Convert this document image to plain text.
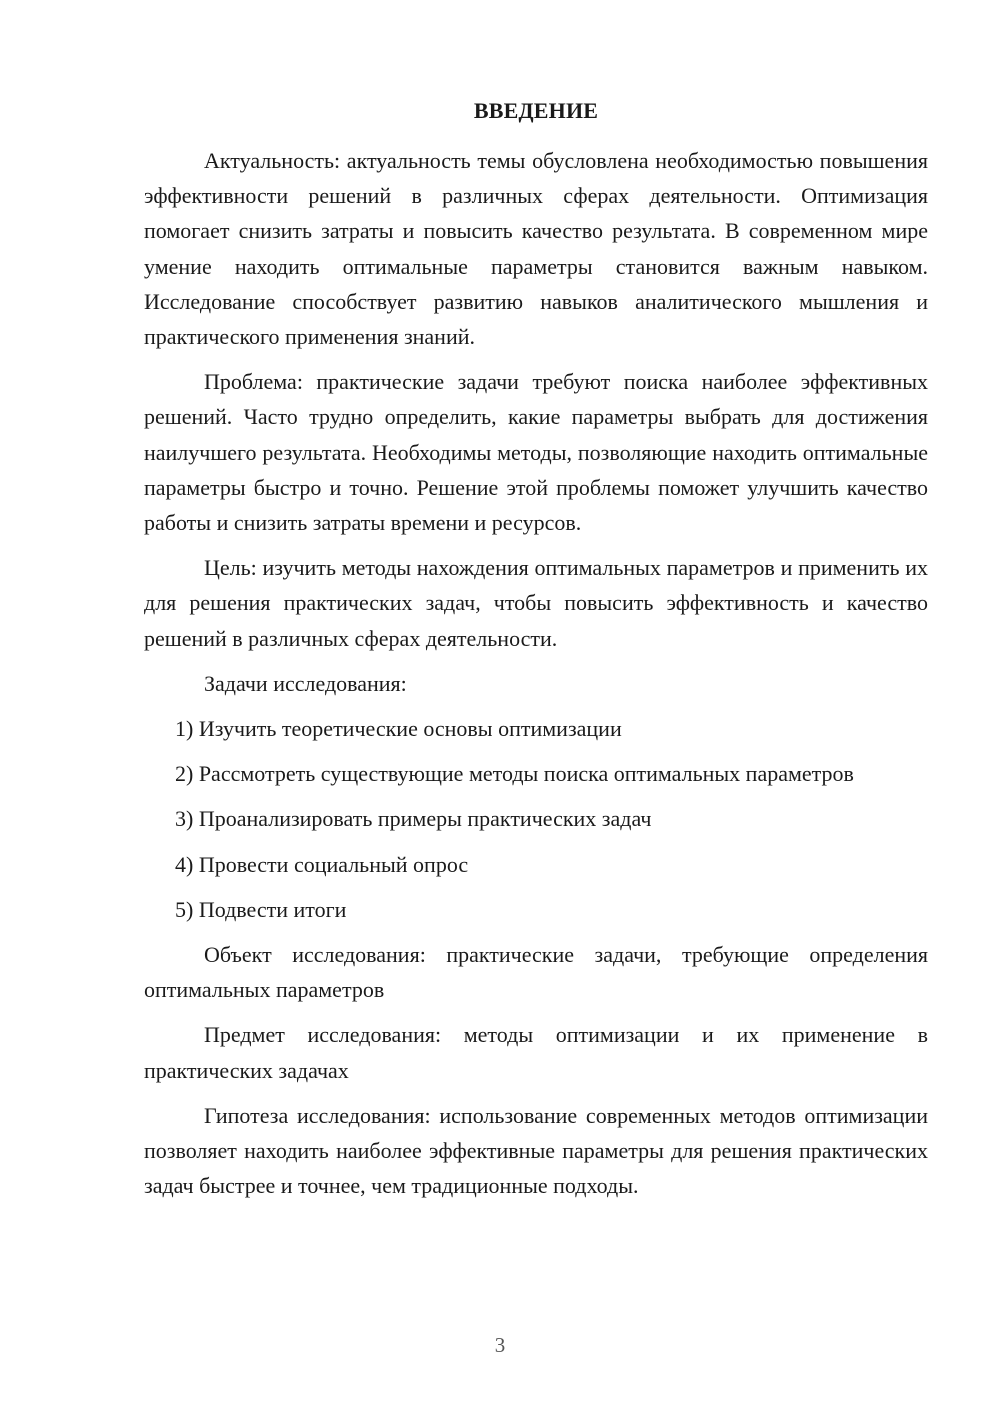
ВВЕДЕНИЕ

Актуальность: актуальность темы обусловлена необходимостью повышения эффективности решений в различных сферах деятельности. Оптимизация помогает снизить затраты и повысить качество результата. В современном мире умение находить оптимальные параметры становится важным навыком. Исследование способствует развитию навыков аналитического мышления и практического применения знаний.

Проблема: практические задачи требуют поиска наиболее эффективных решений. Часто трудно определить, какие параметры выбрать для достижения наилучшего результата. Необходимы методы, позволяющие находить оптимальные параметры быстро и точно. Решение этой проблемы поможет улучшить качество работы и снизить затраты времени и ресурсов.

Цель: изучить методы нахождения оптимальных параметров и применить их для решения практических задач, чтобы повысить эффективность и качество решений в различных сферах деятельности.

Задачи исследования:

1) Изучить теоретические основы оптимизации

2) Рассмотреть существующие методы поиска оптимальных параметров

3) Проанализировать примеры практических задач

4) Провести социальный опрос

5) Подвести итоги

Объект исследования: практические задачи, требующие определения оптимальных параметров

Предмет исследования: методы оптимизации и их применение в практических задачах

Гипотеза исследования: использование современных методов оптимизации позволяет находить наиболее эффективные параметры для решения практических задач быстрее и точнее, чем традиционные подходы.

3
